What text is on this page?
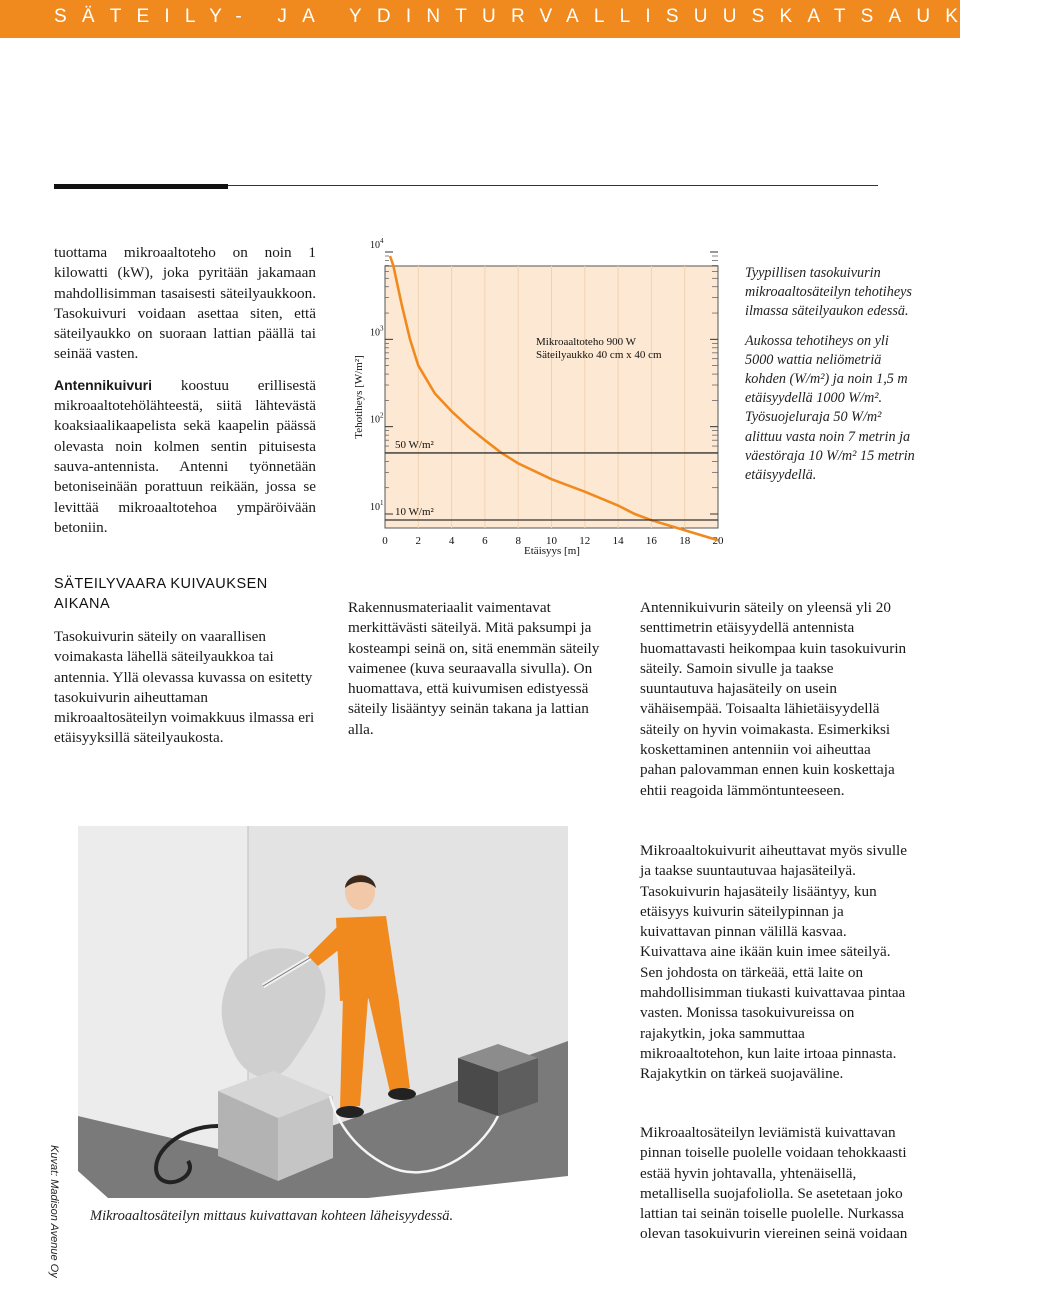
SÄTEILY- JA YDINTURVALLISUUSKATSAUKSIA

tuottama mikroaaltoteho on noin 1 kilowatti (kW), joka pyritään jakamaan mahdollisimman tasaisesti säteilyaukkoon. Tasokuivuri voidaan asettaa siten, että säteilyaukko on suoraan lattian päällä tai seinää vasten.

Antennikuivuri koostuu erillisestä mikroaaltotehölähteestä, siitä lähtevästä koaksiaalikaapelista sekä kaapelin päässä olevasta noin kolmen sentin pituisesta sauva-antennista. Antenni työnnetään betoniseinään porattuun reikään, jossa se levittää mikroaaltotehoa ympäröivään betoniin.

$10^1$
$10^2$
$10^3$
$10^4$
0	2	4	6	8 10 12 14 16 18 20
50 W/m²
10 W/m²
Mikroaaltoteho 900 W
Säteilyaukko 40 cm x 40 cm
Etäisyys [m]
Tehotiheys [W/m²]

Tyypillisen tasokuivurin mikroaaltosäteilyn tehotiheys ilmassa säteilyaukon edessä.

Aukossa tehotiheys on yli 5000 wattia neliömetriä kohden (W/m²) ja noin 1,5 m etäisyydellä 1000 W/m². Työsuojeluraja 50 W/m² alittuu vasta noin 7 metrin ja väestöraja 10 W/m² 15 metrin etäisyydellä.

SÄTEILYVAARA KUIVAUKSEN AIKANA

Tasokuivurin säteily on vaarallisen voimakasta lähellä säteilyaukkoa tai antennia. Yllä olevassa kuvassa on esitetty tasokuivurin aiheuttaman mikroaaltosäteilyn voimakkuus ilmassa eri etäisyyksillä säteilyaukosta.

Rakennusmateriaalit vaimentavat merkittävästi säteilyä. Mitä paksumpi ja kosteampi seinä on, sitä enemmän säteily vaimenee (kuva seuraavalla sivulla). On huomattava, että kuivumisen edistyessä säteily lisääntyy seinän takana ja lattian alla.

Antennikuivurin säteily on yleensä yli 20 senttimetrin etäisyydellä antennista huomattavasti heikompaa kuin tasokuivurin säteily. Samoin sivulle ja taakse suuntautuva hajasäteily on usein vähäisempää. Toisaalta lähietäisyydellä säteily on hyvin voimakasta. Esimerkiksi koskettaminen antenniin voi aiheuttaa pahan palovamman ennen kuin koskettaja ehtii reagoida lämmöntunteeseen.

Mikroaaltokuivurit aiheuttavat myös sivulle ja taakse suuntautuvaa hajasäteilyä. Tasokuivurin hajasäteily lisääntyy, kun etäisyys kuivurin säteilypinnan ja kuivattavan pinnan välillä kasvaa. Kuivattava aine ikään kuin imee säteilyä. Sen johdosta on tärkeää, että laite on mahdollisimman tiukasti kuivattavaa pintaa vasten. Monissa tasokuivureissa on rajakytkin, joka sammuttaa mikroaaltotehon, kun laite irtoaa pinnasta. Rajakytkin on tärkeä suojaväline.

Mikroaaltosäteilyn leviämistä kuivattavan pinnan toiselle puolelle voidaan tehokkaasti estää hyvin johtavalla, yhtenäisellä, metallisella suojafoliolla. Se asetetaan joko lattian tai seinän toiselle puolelle. Nurkassa olevan tasokuivurin viereinen seinä voidaan

Mikroaaltosäteilyn mittaus kuivattavan kohteen läheisyydessä.
Kuvat: Madison Avenue Oy
